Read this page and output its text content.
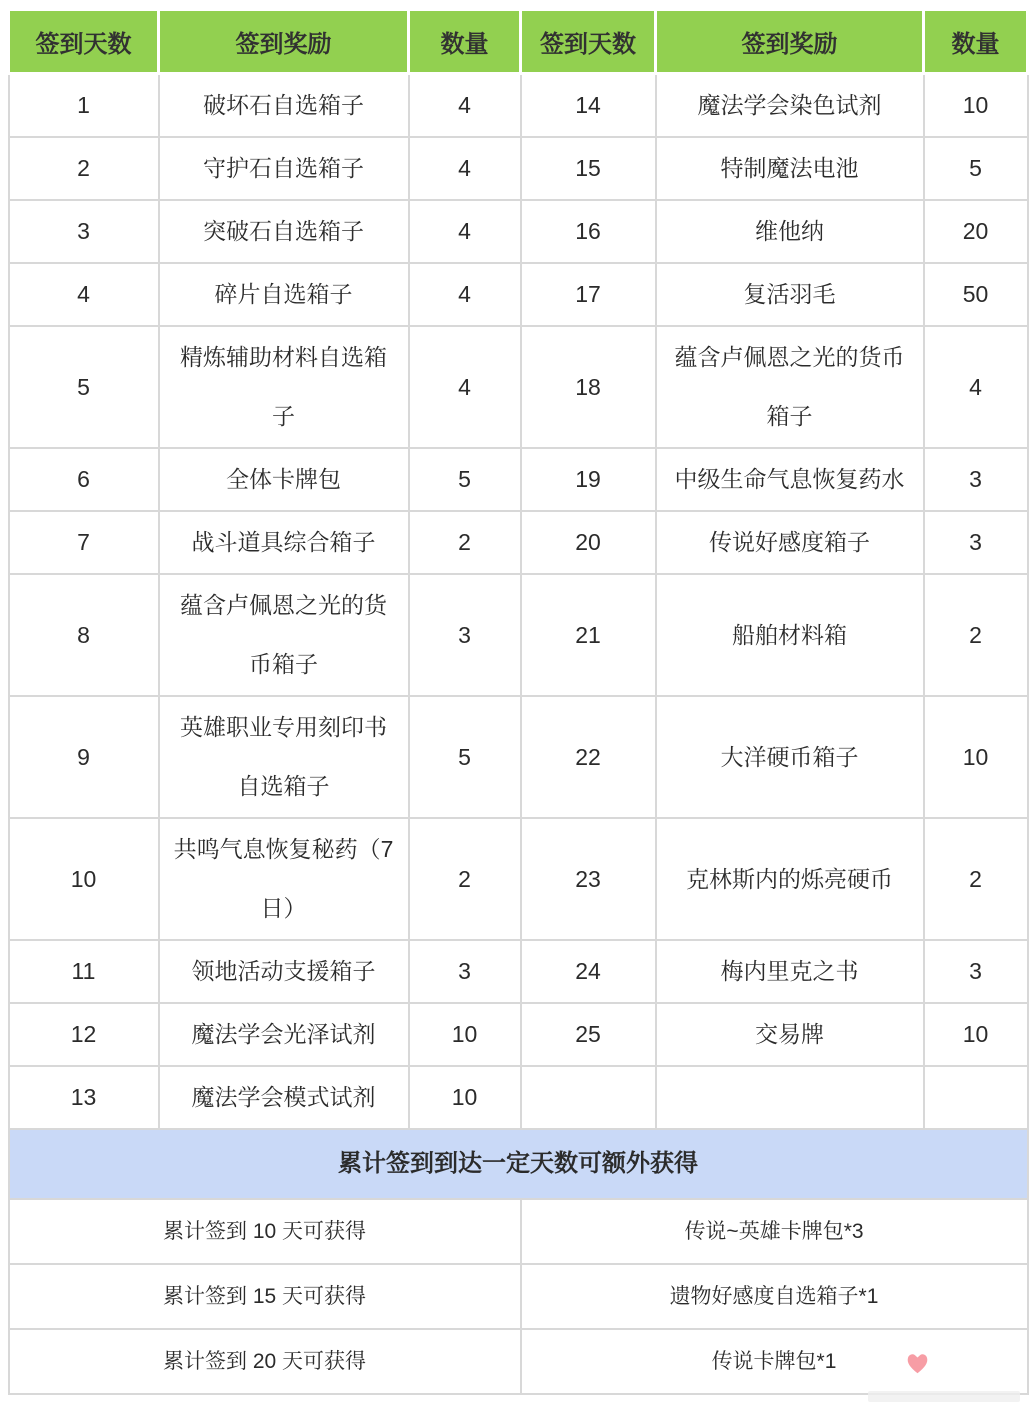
签到天数	签到奖励	数量	签到天数	签到奖励	数量
1	破坏石自选箱子	4	14	魔法学会染色试剂	10
2	守护石自选箱子	4	15	特制魔法电池	5
3	突破石自选箱子	4	16	维他纳	20
4	碎片自选箱子	4	17	复活羽毛	50
5	精炼辅助材料自选箱子	4	18	蕴含卢佩恩之光的货币箱子	4
6	全体卡牌包	5	19	中级生命气息恢复药水	3
7	战斗道具综合箱子	2	20	传说好感度箱子	3
8	蕴含卢佩恩之光的货币箱子	3	21	船舶材料箱	2
9	英雄职业专用刻印书自选箱子	5	22	大洋硬币箱子	10
10	共鸣气息恢复秘药（7日）	2	23	克林斯内的烁亮硬币	2
11	领地活动支援箱子	3	24	梅内里克之书	3
12	魔法学会光泽试剂	10	25	交易牌	10
13	魔法学会模式试剂	10			
累计签到到达一定天数可额外获得					
累计签到 10 天可获得			传说~英雄卡牌包*3		
累计签到 15 天可获得			遗物好感度自选箱子*1		
累计签到 20 天可获得			传说卡牌包*1		
